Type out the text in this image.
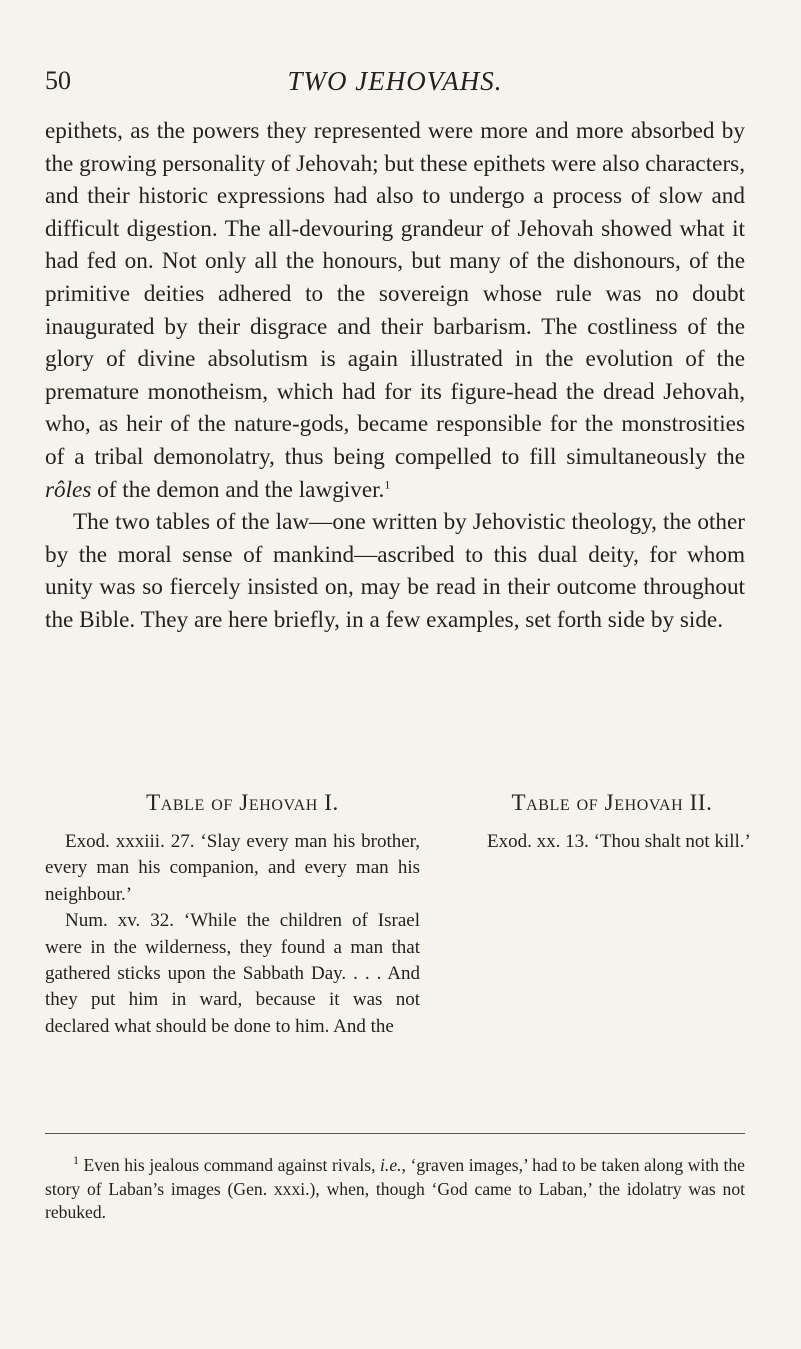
50	TWO JEHOVAHS.

epithets, as the powers they represented were more and more absorbed by the growing personality of Jehovah; but these epithets were also characters, and their historic expressions had also to undergo a process of slow and difficult digestion. The all-devouring grandeur of Jehovah showed what it had fed on. Not only all the honours, but many of the dishonours, of the primitive deities adhered to the sovereign whose rule was no doubt inaugurated by their disgrace and their barbarism. The costliness of the glory of divine absolutism is again illustrated in the evolution of the premature monotheism, which had for its figure-head the dread Jehovah, who, as heir of the nature-gods, became responsible for the monstrosities of a tribal demonolatry, thus being compelled to fill simultaneously the rôles of the demon and the lawgiver.$^1$

The two tables of the law—one written by Jehovistic theology, the other by the moral sense of mankind—ascribed to this dual deity, for whom unity was so fiercely insisted on, may be read in their outcome throughout the Bible. They are here briefly, in a few examples, set forth side by side.

Table of Jehovah I.

Exod. xxxiii. 27. ‘Slay every man his brother, every man his companion, and every man his neighbour.’

Num. xv. 32. ‘While the children of Israel were in the wilderness, they found a man that gathered sticks upon the Sabbath Day. . . . And they put him in ward, because it was not declared what should be done to him. And the

Table of Jehovah II.

Exod. xx. 13. ‘Thou shalt not kill.’

$^1$ Even his jealous command against rivals, i.e., ‘graven images,’ had to be taken along with the story of Laban’s images (Gen. xxxi.), when, though ‘God came to Laban,’ the idolatry was not rebuked.
